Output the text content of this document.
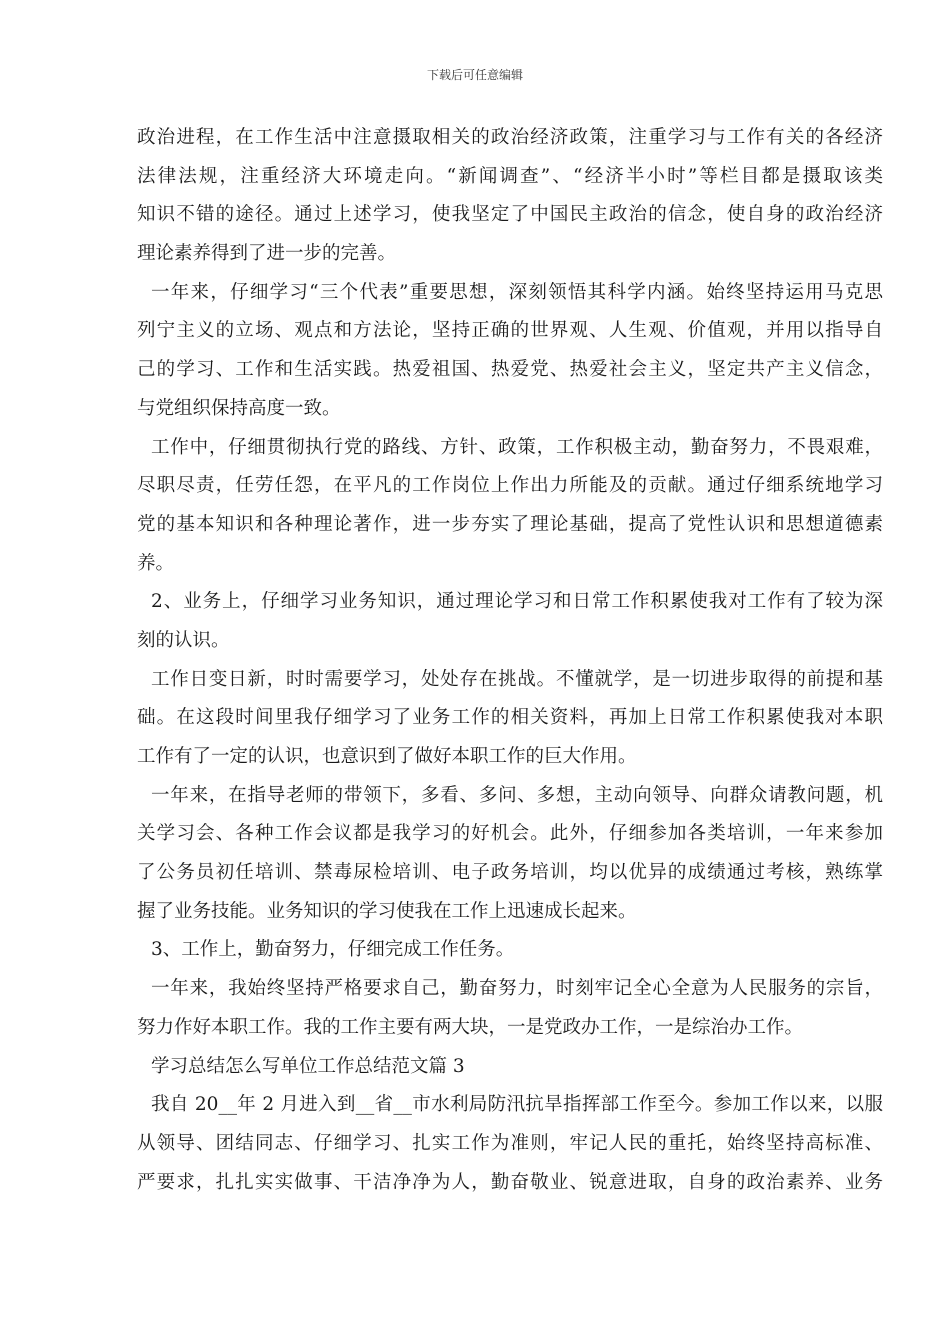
下载后可任意编辑
政治进程，在工作生活中注意摄取相关的政治经济政策，注重学习与工作有关的各经济
法律法规，注重经济大环境走向。“新闻调查”、“经济半小时”等栏目都是摄取该类
知识不错的途径。通过上述学习，使我坚定了中国民主政治的信念，使自身的政治经济
理论素养得到了进一步的完善。
一年来，仔细学习“三个代表”重要思想，深刻领悟其科学内涵。始终坚持运用马克思
列宁主义的立场、观点和方法论，坚持正确的世界观、人生观、价值观，并用以指导自
己的学习、工作和生活实践。热爱祖国、热爱党、热爱社会主义，坚定共产主义信念，
与党组织保持高度一致。
工作中，仔细贯彻执行党的路线、方针、政策，工作积极主动，勤奋努力，不畏艰难，
尽职尽责，任劳任怨，在平凡的工作岗位上作出力所能及的贡献。通过仔细系统地学习
党的基本知识和各种理论著作，进一步夯实了理论基础，提高了党性认识和思想道德素
养。
2、业务上，仔细学习业务知识，通过理论学习和日常工作积累使我对工作有了较为深
刻的认识。
工作日变日新，时时需要学习，处处存在挑战。不懂就学，是一切进步取得的前提和基
础。在这段时间里我仔细学习了业务工作的相关资料，再加上日常工作积累使我对本职
工作有了一定的认识，也意识到了做好本职工作的巨大作用。
一年来，在指导老师的带领下，多看、多问、多想，主动向领导、向群众请教问题，机
关学习会、各种工作会议都是我学习的好机会。此外，仔细参加各类培训，一年来参加
了公务员初任培训、禁毒尿检培训、电子政务培训，均以优异的成绩通过考核，熟练掌
握了业务技能。业务知识的学习使我在工作上迅速成长起来。
3、工作上，勤奋努力，仔细完成工作任务。
一年来，我始终坚持严格要求自己，勤奋努力，时刻牢记全心全意为人民服务的宗旨，
努力作好本职工作。我的工作主要有两大块，一是党政办工作，一是综治办工作。
学习总结怎么写单位工作总结范文篇 3
我自 20__年 2 月进入到__省__市水利局防汛抗旱指挥部工作至今。参加工作以来，以服
从领导、团结同志、仔细学习、扎实工作为准则，牢记人民的重托，始终坚持高标准、
严要求，扎扎实实做事、干洁净净为人，勤奋敬业、锐意进取，自身的政治素养、业务
